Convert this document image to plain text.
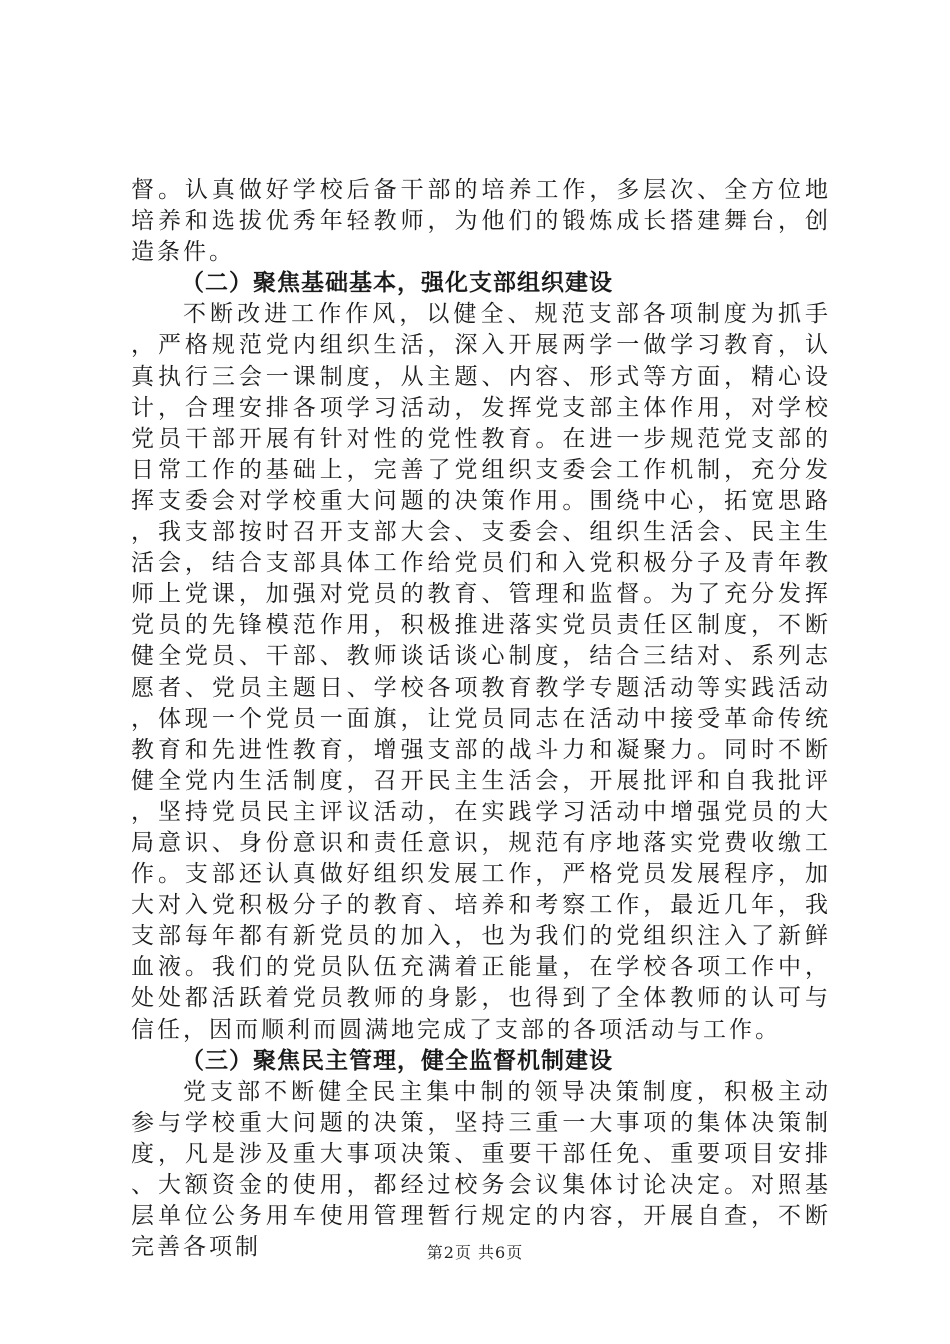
督。认真做好学校后备干部的培养工作，多层次、全方位地培养和选拔优秀年轻教师，为他们的锻炼成长搭建舞台，创造条件。

（二）聚焦基础基本，强化支部组织建设

不断改进工作作风，以健全、规范支部各项制度为抓手，严格规范党内组织生活，深入开展两学一做学习教育，认真执行三会一课制度，从主题、内容、形式等方面，精心设计，合理安排各项学习活动，发挥党支部主体作用，对学校党员干部开展有针对性的党性教育。在进一步规范党支部的日常工作的基础上，完善了党组织支委会工作机制，充分发挥支委会对学校重大问题的决策作用。围绕中心，拓宽思路，我支部按时召开支部大会、支委会、组织生活会、民主生活会，结合支部具体工作给党员们和入党积极分子及青年教师上党课，加强对党员的教育、管理和监督。为了充分发挥党员的先锋模范作用，积极推进落实党员责任区制度，不断健全党员、干部、教师谈话谈心制度，结合三结对、系列志愿者、党员主题日、学校各项教育教学专题活动等实践活动，体现一个党员一面旗，让党员同志在活动中接受革命传统教育和先进性教育，增强支部的战斗力和凝聚力。同时不断健全党内生活制度，召开民主生活会，开展批评和自我批评，坚持党员民主评议活动，在实践学习活动中增强党员的大局意识、身份意识和责任意识，规范有序地落实党费收缴工作。支部还认真做好组织发展工作，严格党员发展程序，加大对入党积极分子的教育、培养和考察工作，最近几年，我支部每年都有新党员的加入，也为我们的党组织注入了新鲜血液。我们的党员队伍充满着正能量，在学校各项工作中，处处都活跃着党员教师的身影，也得到了全体教师的认可与信任，因而顺利而圆满地完成了支部的各项活动与工作。

（三）聚焦民主管理，健全监督机制建设

党支部不断健全民主集中制的领导决策制度，积极主动参与学校重大问题的决策，坚持三重一大事项的集体决策制度，凡是涉及重大事项决策、重要干部任免、重要项目安排、大额资金的使用，都经过校务会议集体讨论决定。对照基层单位公务用车使用管理暂行规定的内容，开展自查，不断完善各项制	第2页 共6页
